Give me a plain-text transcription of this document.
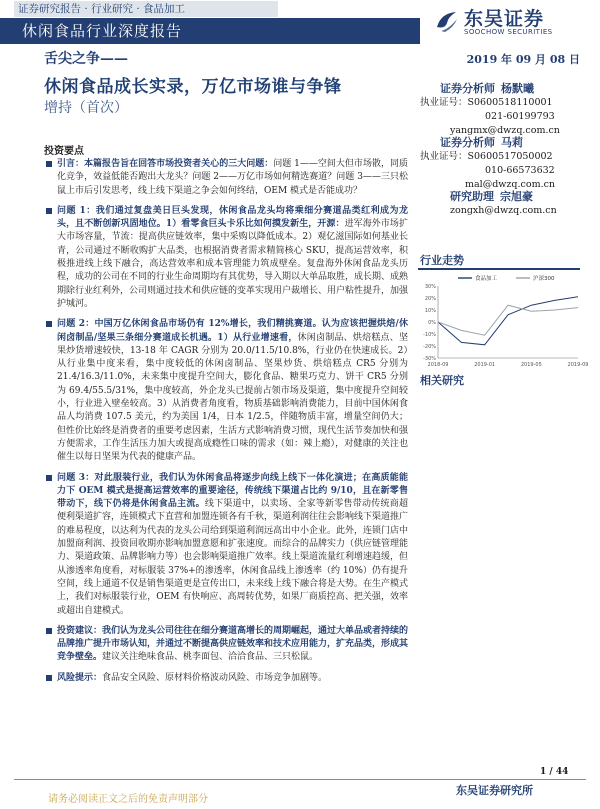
证券研究报告 · 行业研究 · 食品加工
休闲食品行业深度报告
东吴证券
SOOCHOW SECURITIES
舌尖之争——
休闲食品成长实录，万亿市场谁与争锋
增持（首次）
2019 年 09 月 08 日
证券分析师 杨默曦
执业证号：S0600518110001
021-60199793
yangmx@dwzq.com.cn
证券分析师 马莉
执业证号：S0600517050002
010-66573632
mal@dwzq.com.cn
研究助理 宗旭豪
zongxh@dwzq.com.cn
投资要点
引言：本篇报告旨在回答市场投资者关心的三大问题：问题 1——空间大但市场散，同质化竞争，效益低能否跑出大龙头？问题 2——万亿市场如何精选赛道？问题 3——三只松鼠上市后引发思考，线上线下渠道之争会如何终结，OEM 模式是否能成功？
问题 1：我们通过复盘美日巨头发现，休闲食品龙头均将乘细分赛道品类红利成为龙头，且不断创新巩固地位。1）看零食巨头卡乐比如何摸发新生，开源：进军海外市场扩大市场容量，节流：提高供应链效率，集中采购以降低成本。2）观亿滋国际如何基业长青，公司通过不断收购扩大品类，也根据消费者需求精简核心 SKU，提高运营效率，积极推进线上线下融合，高达营效率和成本管理能力筑成壁垒。复盘海外休闲食品龙头历程，成功的公司在不同的行业生命周期均有其优势，导入期以大单品取胜，成长期、成熟期除行业红利外，公司则通过技术和供应链的变革实现用户裁增长、用户粘性提升，加强护城河。
问题 2：中国万亿休闲食品市场仍有 12%增长，我们精挑赛道。认为应该把握烘焙/休闲卤制品/坚果三条细分赛道成长机遇。1）从行业增速看，休闲卤制品、烘焙糕点、坚果炒货增速较快，13-18 年 CAGR 分别为 20.0/11.5/10.8%，行业仍在快速成长。2）从行业集中度来看，集中度较低的休闲卤制品、坚果炒货、烘焙糕点 CR5 分别为 21.4/16.3/11.0%，未来集中度提升空间大，膨化食品、糖果巧克力、饼干 CR5 分别为 69.4/55.5/31%，集中度较高，外企龙头已提前占领市场及渠道，集中度提升空间较小，行业进入壁垒较高。3）从消费者角度看，物质基础影响消费能力，目前中国休闲食品人均消费 107.5 美元，约为美国 1/4，日本 1/2.5，伴随物质丰富，增量空间仍大；但性价比始终是消费者的重要考虑因素，生活方式影响消费习惯，现代生活节奏加快和强方便需求，工作生活压力加大或提高成瘾性口味的需求（如：辣上瘾），对健康的关注也催生以每日坚果为代表的健康产品。
问题 3：对此服装行业，我们认为休闲食品将逐步向线上线下一体化演进；在高质能能力下 OEM 模式是提高运营效率的重要途径，传统线下渠道占比约 9/10，且在新零售带动下，线下仍将是休闲食品主流。线下渠道中，以卖场、全家等新零售带动传统商超便利渠道扩容，连锁模式下直营和加盟连锁各有千秋，渠道利润往往会影响线下渠道推广的难易程度，以达利为代表的龙头公司给到渠道利润远高出中小企业。此外，连锁门店中加盟商利润、投资回收期亦影响加盟意愿和扩张速度。而综合的品牌实力（供应链管理能力、渠道政策、品牌影响力等）也会影响渠道推广效率。线上渠道流量红利增速趋缓，但从渗透率角度看，对标服装 37%+的渗透率，休闲食品线上渗透率（约 10%）仍有提升空间，线上通道不仅是销售渠道更是宣传出口，未来线上线下融合将是大势。在生产模式上，我们对标服装行业，OEM 有快响应、高周转优势，如果厂商质控高、把关强，效率或超出自建模式。
投资建议：我们认为龙头公司往往在细分赛道高增长的周期崛起，通过大单品或者持续的品牌推广提升市场认知，并通过不断提高供应链效率和技术应用能力，扩充品类，形成其竞争壁垒。建议关注绝味食品、桃李面包、洽洽食品、三只松鼠。
风险提示：食品安全风险、原材料价格波动风险、市场竞争加剧等。
行业走势
30%
20%
10%
0%
-10%
-20%
-30%
2018-09	2019-01	2019-05	2019-09
食品加工	沪深300
相关研究
1 / 44
东吴证券研究所
请务必阅读正文之后的免责声明部分
